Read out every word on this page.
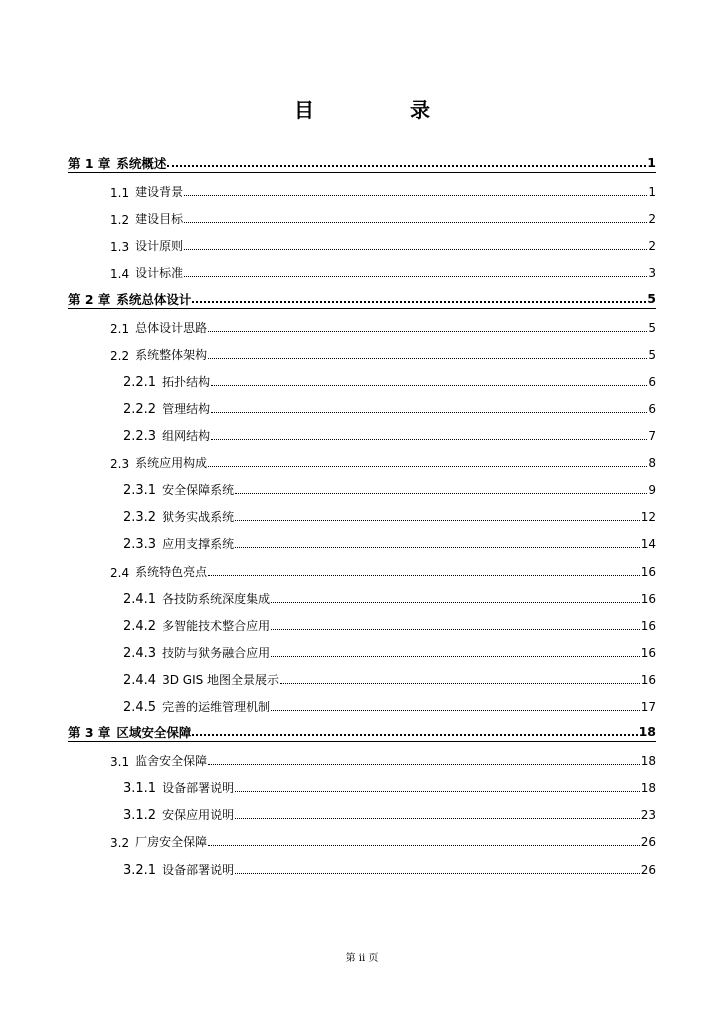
目　录
第 1 章 系统概述	1
1.1 建设背景	1
1.2 建设目标	2
1.3 设计原则	2
1.4 设计标准	3
第 2 章 系统总体设计	5
2.1 总体设计思路	5
2.2 系统整体架构	5
2.2.1 拓扑结构	6
2.2.2 管理结构	6
2.2.3 组网结构	7
2.3 系统应用构成	8
2.3.1 安全保障系统	9
2.3.2 狱务实战系统	12
2.3.3 应用支撑系统	14
2.4 系统特色亮点	16
2.4.1 各技防系统深度集成	16
2.4.2 多智能技术整合应用	16
2.4.3 技防与狱务融合应用	16
2.4.4 3D GIS 地图全景展示	16
2.4.5 完善的运维管理机制	17
第 3 章 区域安全保障	18
3.1 监舍安全保障	18
3.1.1 设备部署说明	18
3.1.2 安保应用说明	23
3.2 厂房安全保障	26
3.2.1 设备部署说明	26
第 ii 页
